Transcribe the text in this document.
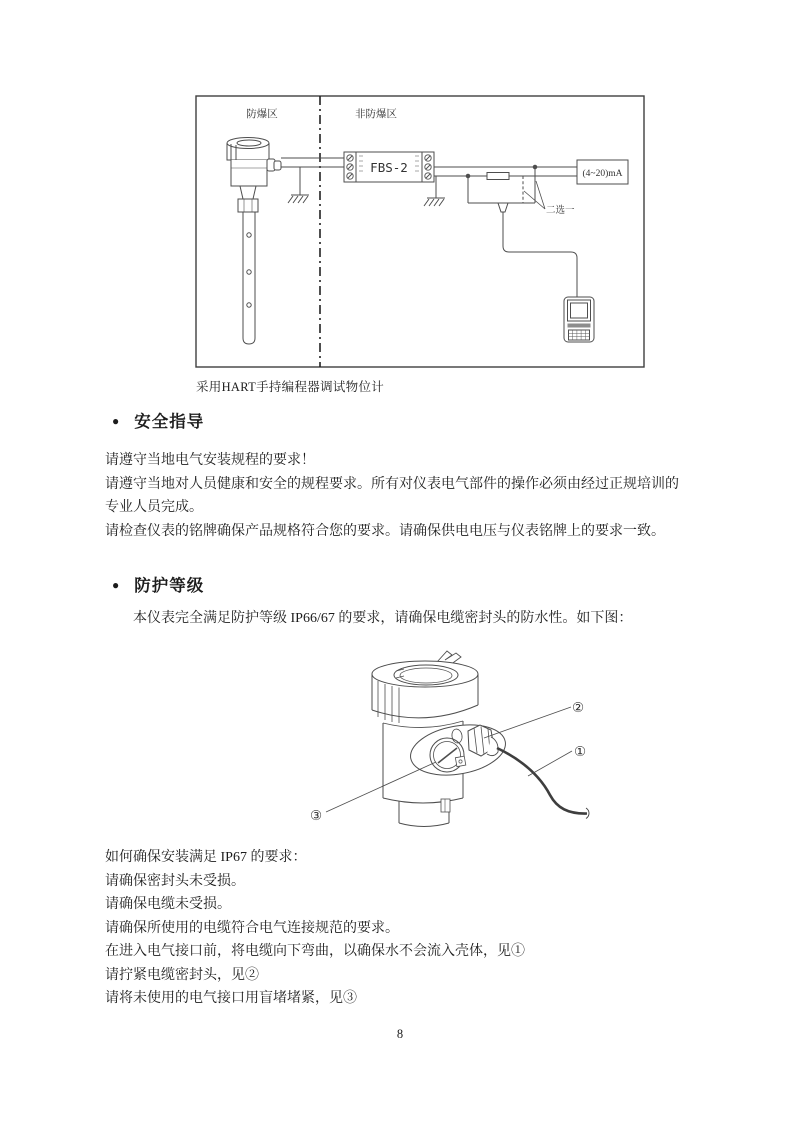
防爆区	非防爆区
FBS-2
二选一
(4~20)mA
采用HART手持编程器调试物位计
● 安全指导
请遵守当地电气安装规程的要求！
请遵守当地对人员健康和安全的规程要求。所有对仪表电气部件的操作必须由经过正规培训的
专业人员完成。
请检查仪表的铭牌确保产品规格符合您的要求。请确保供电电压与仪表铭牌上的要求一致。
● 防护等级
本仪表完全满足防护等级 IP66/67 的要求，请确保电缆密封头的防水性。如下图：
②
①
③
如何确保安装满足 IP67 的要求：
请确保密封头未受损。
请确保电缆未受损。
请确保所使用的电缆符合电气连接规范的要求。
在进入电气接口前，将电缆向下弯曲，以确保水不会流入壳体，见①
请拧紧电缆密封头，见②
请将未使用的电气接口用盲堵堵紧，见③
8
